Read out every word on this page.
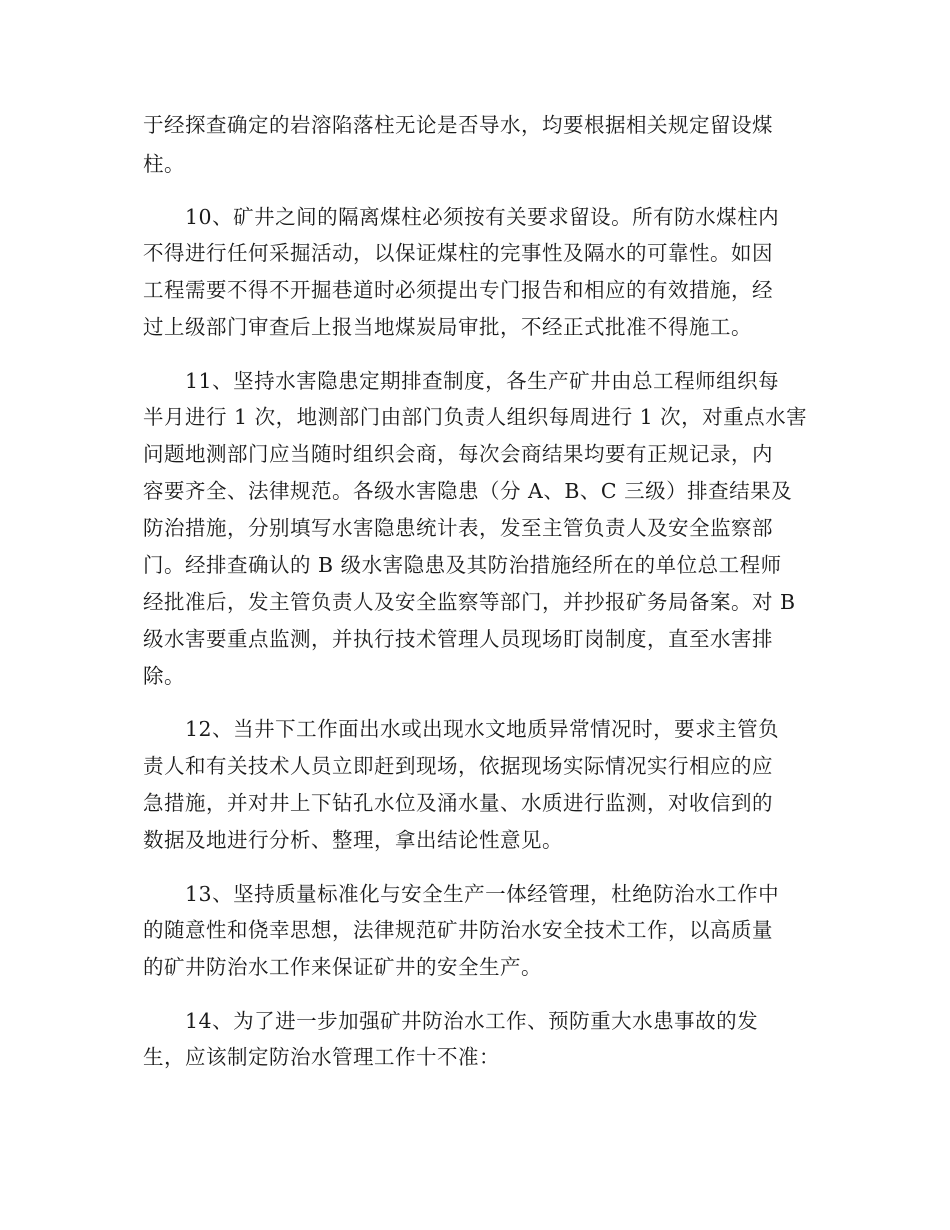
于经探查确定的岩溶陷落柱无论是否导水，均要根据相关规定留设煤
柱。
10、矿井之间的隔离煤柱必须按有关要求留设。所有防水煤柱内
不得进行任何采掘活动，以保证煤柱的完事性及隔水的可靠性。如因
工程需要不得不开掘巷道时必须提出专门报告和相应的有效措施，经
过上级部门审查后上报当地煤炭局审批，不经正式批准不得施工。
11、坚持水害隐患定期排查制度，各生产矿井由总工程师组织每
半月进行 1 次，地测部门由部门负责人组织每周进行 1 次，对重点水害
问题地测部门应当随时组织会商，每次会商结果均要有正规记录，内
容要齐全、法律规范。各级水害隐患（分 A、B、C 三级）排查结果及
防治措施，分别填写水害隐患统计表，发至主管负责人及安全监察部
门。经排查确认的 B 级水害隐患及其防治措施经所在的单位总工程师
经批准后，发主管负责人及安全监察等部门，并抄报矿务局备案。对 B
级水害要重点监测，并执行技术管理人员现场盯岗制度，直至水害排
除。
12、当井下工作面出水或出现水文地质异常情况时，要求主管负
责人和有关技术人员立即赶到现场，依据现场实际情况实行相应的应
急措施，并对井上下钻孔水位及涌水量、水质进行监测，对收信到的
数据及地进行分析、整理，拿出结论性意见。
13、坚持质量标准化与安全生产一体经管理，杜绝防治水工作中
的随意性和侥幸思想，法律规范矿井防治水安全技术工作，以高质量
的矿井防治水工作来保证矿井的安全生产。
14、为了进一步加强矿井防治水工作、预防重大水患事故的发
生，应该制定防治水管理工作十不准：
